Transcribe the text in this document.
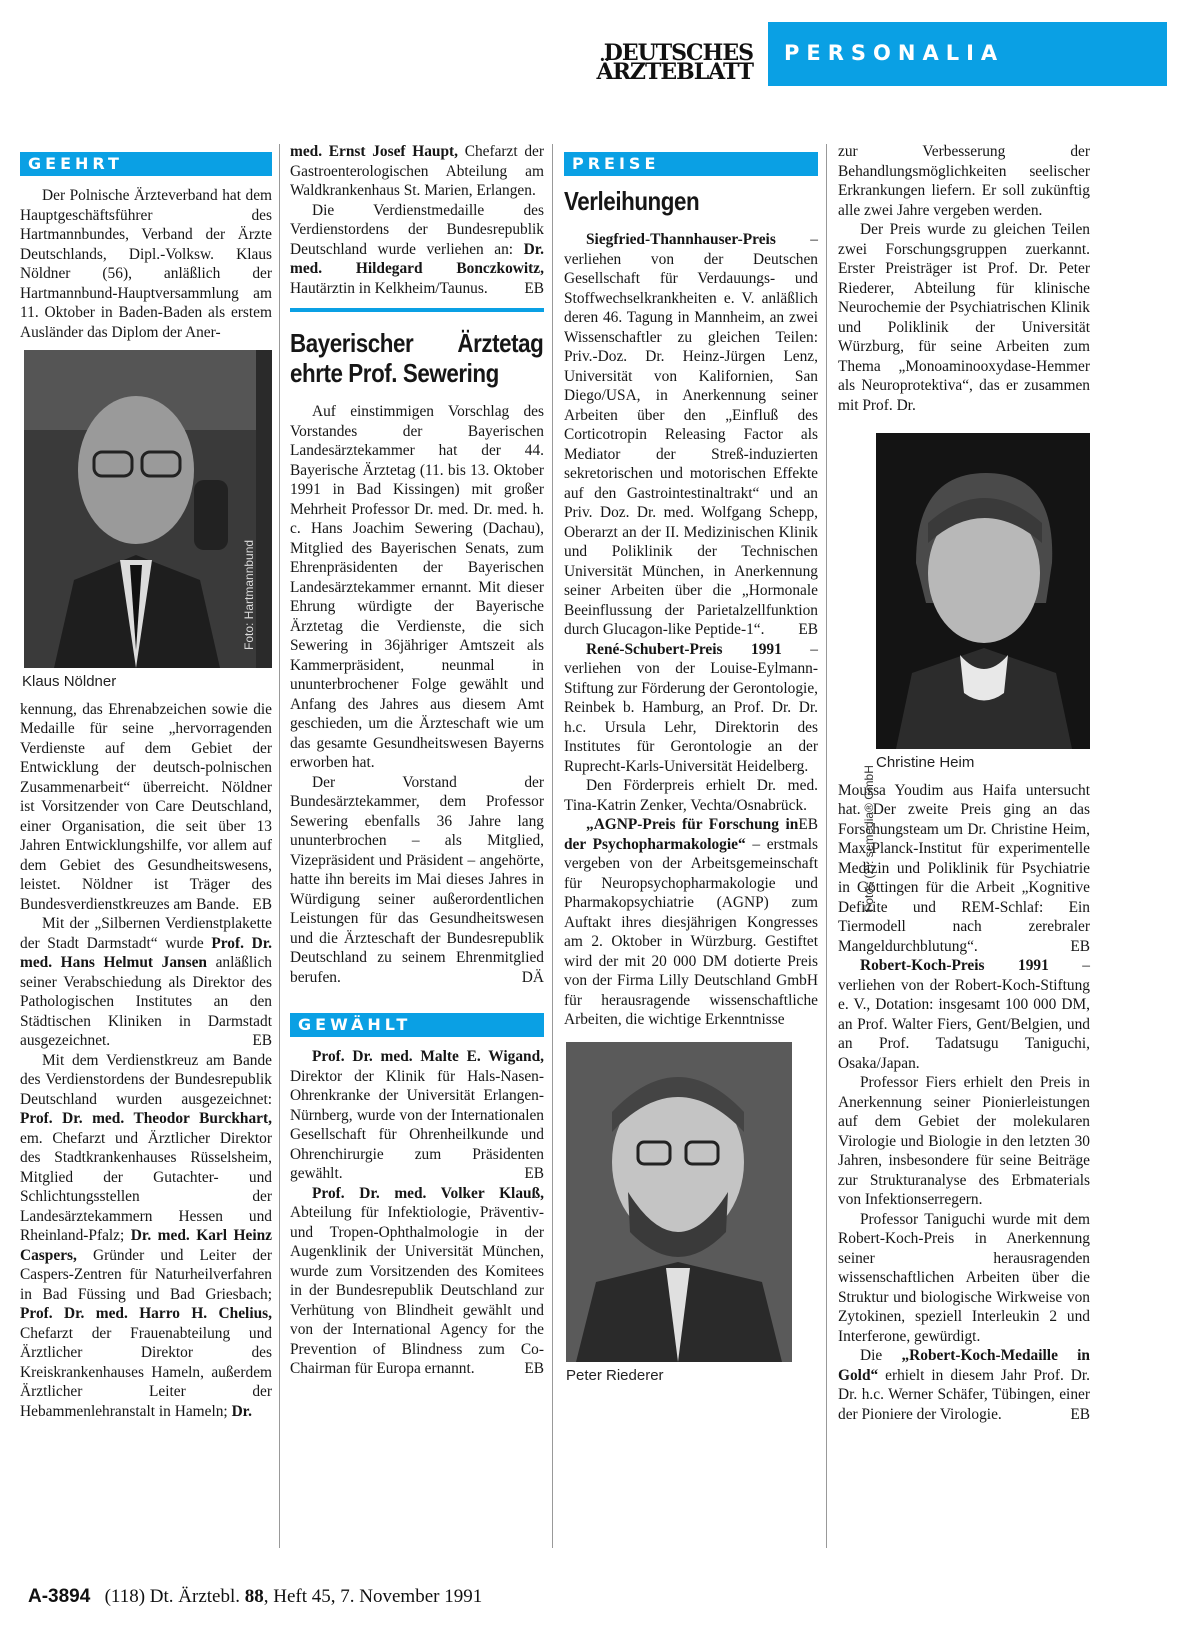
DEUTSCHES
ÄRZTEBLATT
PERSONALIA
GEEHRT

Der Polnische Ärzteverband hat dem Hauptgeschäftsführer des Hartmannbundes, Verband der Ärzte Deutschlands, Dipl.-Volksw. Klaus Nöldner (56), anläßlich der Hartmannbund-Hauptversammlung am 11. Oktober in Baden-Baden als erstem Ausländer das Diplom der Aner-

Foto: Hartmannbund
Klaus Nöldner

kennung, das Ehrenabzeichen sowie die Medaille für seine „hervorragenden Verdienste auf dem Gebiet der Entwicklung der deutsch-polnischen Zusammenarbeit“ überreicht. Nöldner ist Vorsitzender von Care Deutschland, einer Organisation, die seit über 13 Jahren Entwicklungshilfe, vor allem auf dem Gebiet des Gesundheitswesens, leistet. Nöldner ist Träger des Bundesverdienstkreuzes am Bande. EB

Mit der „Silbernen Verdienstplakette der Stadt Darmstadt“ wurde Prof. Dr. med. Hans Helmut Jansen anläßlich seiner Verabschiedung als Direktor des Pathologischen Institutes an den Städtischen Kliniken in Darmstadt ausgezeichnet.	EB

Mit dem Verdienstkreuz am Bande des Verdienstordens der Bundesrepublik Deutschland wurden ausgezeichnet: Prof. Dr. med. Theodor Burckhart, em. Chefarzt und Ärztlicher Direktor des Stadtkrankenhauses Rüsselsheim, Mitglied der Gutachter- und Schlichtungsstellen der Landesärztekammern Hessen und Rheinland-Pfalz; Dr. med. Karl Heinz Caspers, Gründer und Leiter der Caspers-Zentren für Naturheilverfahren in Bad Füssing und Bad Griesbach; Prof. Dr. med. Harro H. Chelius, Chefarzt der Frauenabteilung und Ärztlicher Direktor des Kreiskrankenhauses Hameln, außerdem Ärztlicher Leiter der Hebammenlehranstalt in Hameln; Dr.

med. Ernst Josef Haupt, Chefarzt der Gastroenterologischen Abteilung am Waldkrankenhaus St. Marien, Erlangen.

Die Verdienstmedaille des Verdienstordens der Bundesrepublik Deutschland wurde verliehen an: Dr. med. Hildegard Bonczkowitz, Hautärztin in Kelkheim/Taunus. EB

Bayerischer Ärztetag ehrte Prof. Sewering

Auf einstimmigen Vorschlag des Vorstandes der Bayerischen Landesärztekammer hat der 44. Bayerische Ärztetag (11. bis 13. Oktober 1991 in Bad Kissingen) mit großer Mehrheit Professor Dr. med. Dr. med. h. c. Hans Joachim Sewering (Dachau), Mitglied des Bayerischen Senats, zum Ehrenpräsidenten der Bayerischen Landesärztekammer ernannt. Mit dieser Ehrung würdigte der Bayerische Ärztetag die Verdienste, die sich Sewering in 36jähriger Amtszeit als Kammerpräsident, neunmal in ununterbrochener Folge gewählt und Anfang des Jahres aus diesem Amt geschieden, um die Ärzteschaft wie um das gesamte Gesundheitswesen Bayerns erworben hat.

Der Vorstand der Bundesärztekammer, dem Professor Sewering ebenfalls 36 Jahre lang ununterbrochen – als Mitglied, Vizepräsident und Präsident – angehörte, hatte ihn bereits im Mai dieses Jahres in Würdigung seiner außerordentlichen Leistungen für das Gesundheitswesen und die Ärzteschaft der Bundesrepublik Deutschland zu seinem Ehrenmitglied berufen.	DÄ

GEWÄHLT

Prof. Dr. med. Malte E. Wigand, Direktor der Klinik für Hals-Nasen-Ohrenkranke der Universität Erlangen-Nürnberg, wurde von der Internationalen Gesellschaft für Ohrenheilkunde und Ohrenchirurgie zum Präsidenten gewählt.	EB

Prof. Dr. med. Volker Klauß, Abteilung für Infektiologie, Präventiv- und Tropen-Ophthalmologie in der Augenklinik der Universität München, wurde zum Vorsitzenden des Komitees in der Bundesrepublik Deutschland zur Verhütung von Blindheit gewählt und von der International Agency for the Prevention of Blindness zum Co-Chairman für Europa ernannt.	EB

PREISE
Verleihungen

Siegfried-Thannhauser-Preis – verliehen von der Deutschen Gesellschaft für Verdauungs- und Stoffwechselkrankheiten e. V. anläßlich deren 46. Tagung in Mannheim, an zwei Wissenschaftler zu gleichen Teilen: Priv.-Doz. Dr. Heinz-Jürgen Lenz, Universität von Kalifornien, San Diego/USA, in Anerkennung seiner Arbeiten über den „Einfluß des Corticotropin Releasing Factor als Mediator der Streß-induzierten sekretorischen und motorischen Effekte auf den Gastrointestinaltrakt“ und an Priv. Doz. Dr. med. Wolfgang Schepp, Oberarzt an der II. Medizinischen Klinik und Poliklinik der Technischen Universität München, in Anerkennung seiner Arbeiten über die „Hormonale Beeinflussung der Parietalzellfunktion durch Glucagon-like Peptide-1“. EB

René-Schubert-Preis 1991 – verliehen von der Louise-Eylmann-Stiftung zur Förderung der Gerontologie, Reinbek b. Hamburg, an Prof. Dr. Dr. h.c. Ursula Lehr, Direktorin des Institutes für Gerontologie an der Ruprecht-Karls-Universität Heidelberg.

Den Förderpreis erhielt Dr. med. Tina-Katrin Zenker, Vechta/Osnabrück.
EB

„AGNP-Preis für Forschung in der Psychopharmakologie“ – erstmals vergeben von der Arbeitsgemeinschaft für Neuropsychopharmakologie und Pharmakopsychiatrie (AGNP) zum Auftakt ihres diesjährigen Kongresses am 2. Oktober in Würzburg. Gestiftet wird der mit 20 000 DM dotierte Preis von der Firma Lilly Deutschland GmbH für herausragende wissenschaftliche Arbeiten, die wichtige Erkenntnisse

Peter Riederer

zur Verbesserung der Behandlungsmöglichkeiten seelischer Erkrankungen liefern. Er soll zukünftig alle zwei Jahre vergeben werden.

Der Preis wurde zu gleichen Teilen zwei Forschungsgruppen zuerkannt. Erster Preisträger ist Prof. Dr. Peter Riederer, Abteilung für klinische Neurochemie der Psychiatrischen Klinik und Poliklinik der Universität Würzburg, für seine Arbeiten zum Thema „Monoaminooxydase-Hemmer als Neuroprotektiva“, das er zusammen mit Prof. Dr.

Fotos (2): semedia® GmbH
Christine Heim

Moussa Youdim aus Haifa untersucht hat. Der zweite Preis ging an das Forschungsteam um Dr. Christine Heim, Max-Planck-Institut für experimentelle Medizin und Poliklinik für Psychiatrie in Göttingen für die Arbeit „Kognitive Defizite und REM-Schlaf: Ein Tiermodell nach zerebraler Mangeldurchblutung“.	EB

Robert-Koch-Preis 1991 – verliehen von der Robert-Koch-Stiftung e. V., Dotation: insgesamt 100 000 DM, an Prof. Walter Fiers, Gent/Belgien, und an Prof. Tadatsugu Taniguchi, Osaka/Japan.

Professor Fiers erhielt den Preis in Anerkennung seiner Pionierleistungen auf dem Gebiet der molekularen Virologie und Biologie in den letzten 30 Jahren, insbesondere für seine Beiträge zur Strukturanalyse des Erbmaterials von Infektionserregern.

Professor Taniguchi wurde mit dem Robert-Koch-Preis in Anerkennung seiner herausragenden wissenschaftlichen Arbeiten über die Struktur und biologische Wirkweise von Zytokinen, speziell Interleukin 2 und Interferone, gewürdigt.

Die „Robert-Koch-Medaille in Gold“ erhielt in diesem Jahr Prof. Dr. Dr. h.c. Werner Schäfer, Tübingen, einer der Pioniere der Virologie.	EB

A-3894 (118) Dt. Ärztebl. 88, Heft 45, 7. November 1991
